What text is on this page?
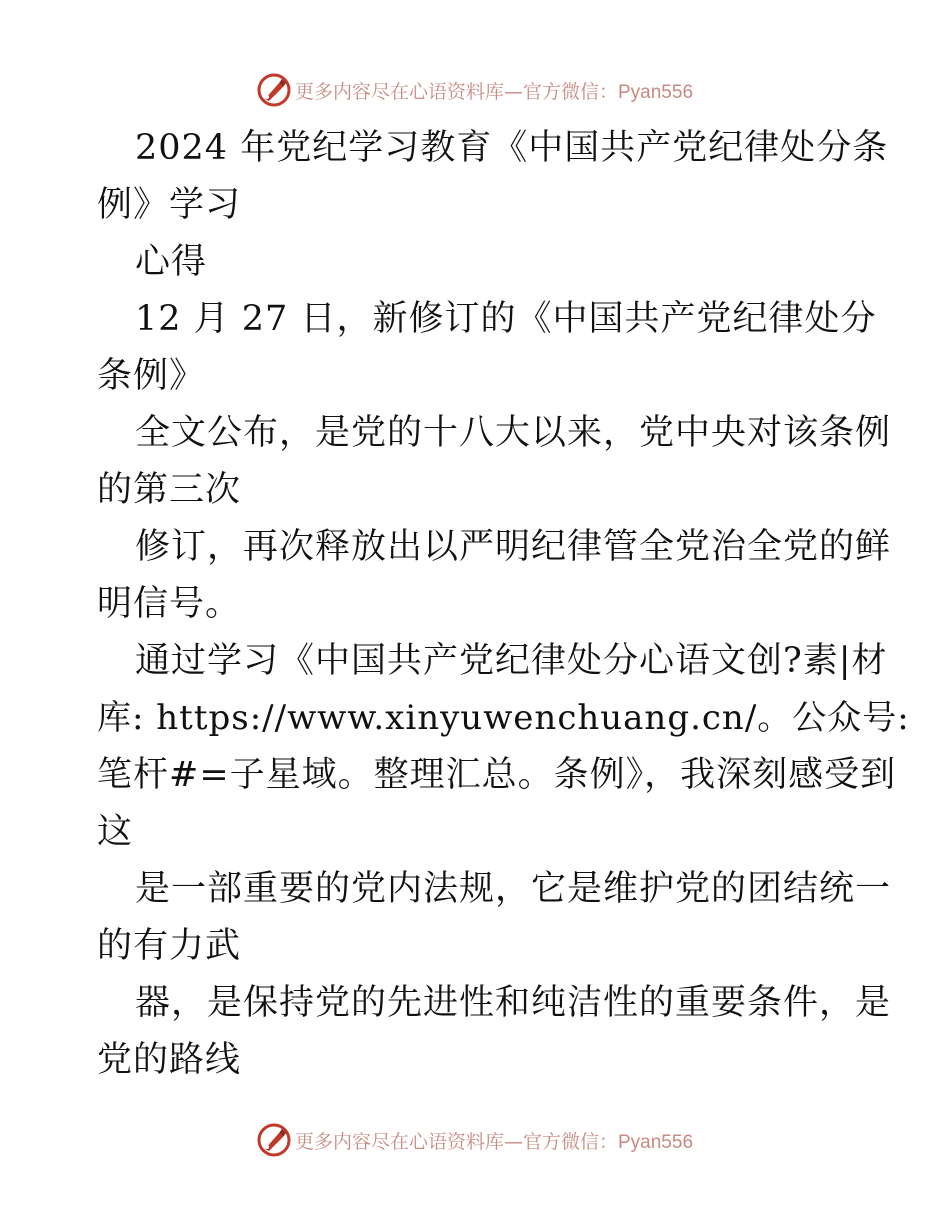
更多内容尽在心语资料库— 官方微信：Pyan556
2024 年党纪学习教育《中国共产党纪律处分条
例》学习
心得
12 月 27 日，新修订的《中国共产党纪律处分
条例》
全文公布，是党的十八大以来，党中央对该条例
的第三次
修订，再次释放出以严明纪律管全党治全党的鲜
明信号。
通过学习《中国共产党纪律处分心语文创?素|材
库: https://www.xinyuwenchuang.cn/。公众号:
笔杆#=子星域。整理汇总。条例》，我深刻感受到
这
是一部重要的党内法规，它是维护党的团结统一
的有力武
器，是保持党的先进性和纯洁性的重要条件，是
党的路线
更多内容尽在心语资料库— 官方微信：Pyan556
